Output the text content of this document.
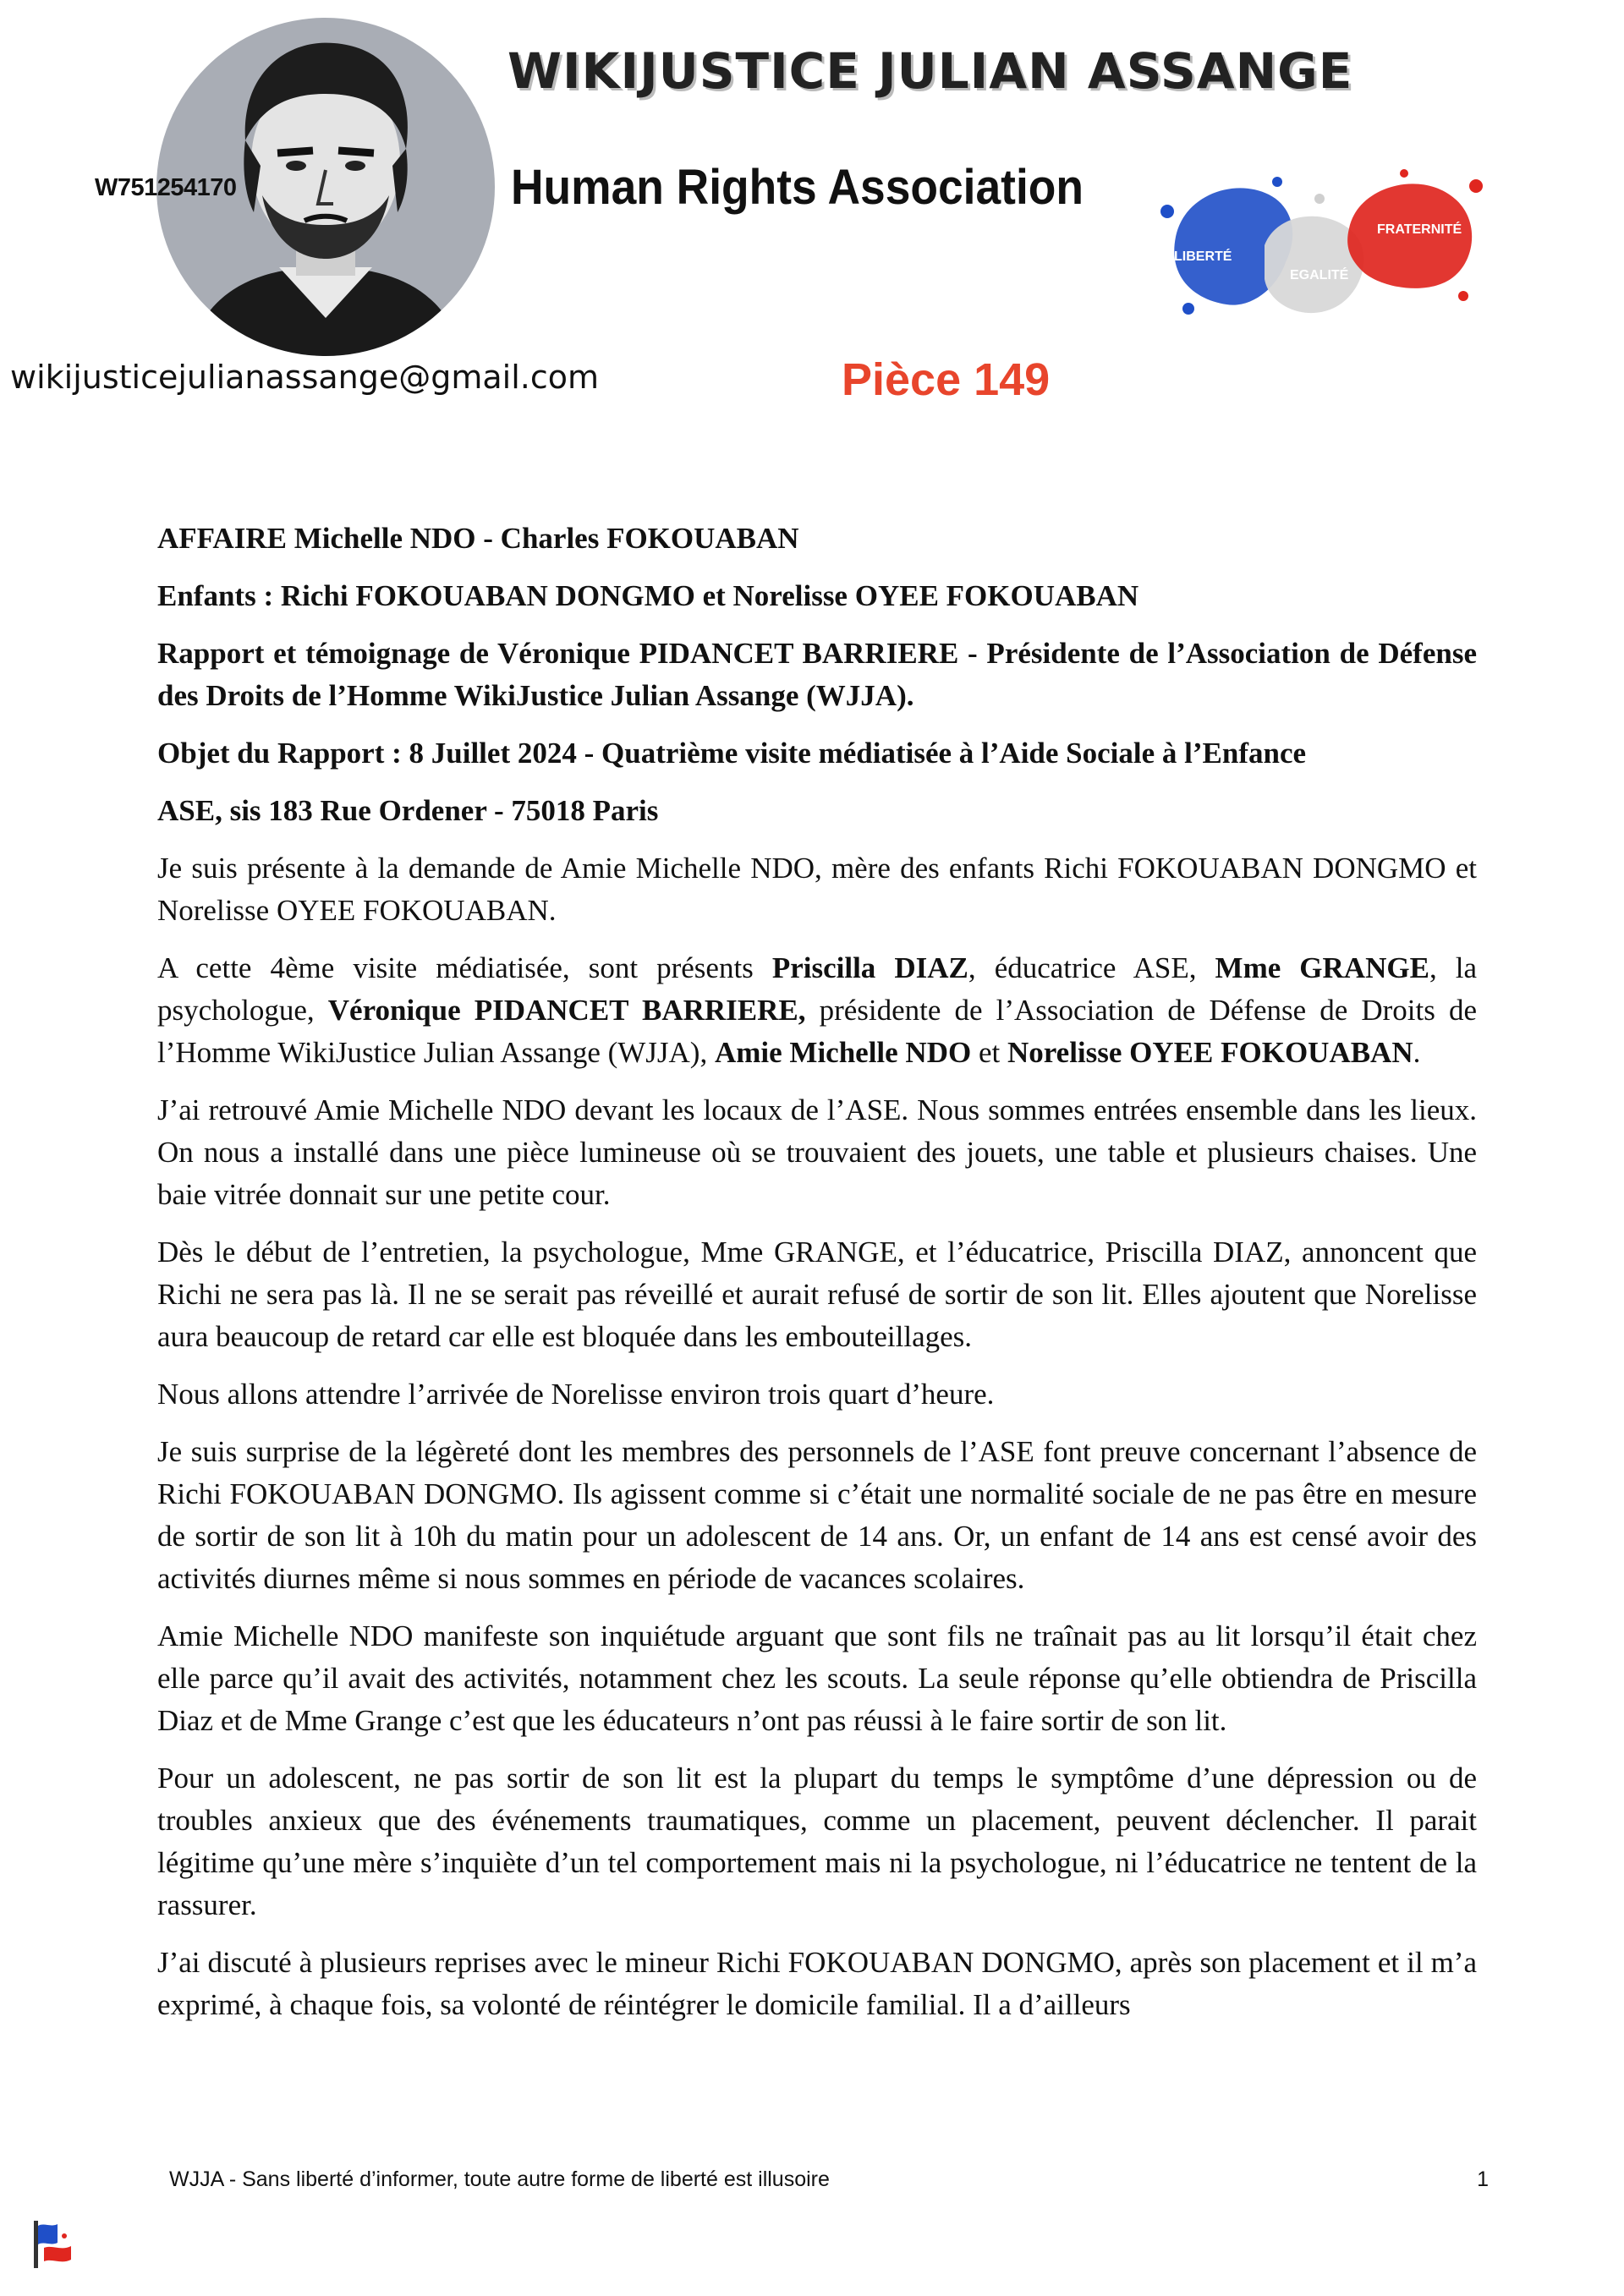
W751254170
WIKIJUSTICE JULIAN ASSANGE
Human Rights Association
LIBERTÉ
EGALITÉ
FRATERNITÉ
wikijusticejulianassange@gmail.com	Pièce 149

AFFAIRE Michelle NDO - Charles FOKOUABAN

Enfants : Richi FOKOUABAN DONGMO et Norelisse OYEE FOKOUABAN

Rapport et témoignage de Véronique PIDANCET BARRIERE - Présidente de l’Association de Défense des Droits de l’Homme WikiJustice Julian Assange (WJJA).

Objet du Rapport : 8 Juillet 2024 - Quatrième visite médiatisée à l’Aide Sociale à l’Enfance

ASE, sis 183 Rue Ordener - 75018 Paris

Je suis présente à la demande de Amie Michelle NDO, mère des enfants Richi FOKOUABAN DONGMO et Norelisse OYEE FOKOUABAN.

A cette 4ème visite médiatisée, sont présents Priscilla DIAZ, éducatrice ASE, Mme GRANGE, la psychologue, Véronique PIDANCET BARRIERE, présidente de l’Association de Défense de Droits de l’Homme WikiJustice Julian Assange (WJJA), Amie Michelle NDO et Norelisse OYEE FOKOUABAN.

J’ai retrouvé Amie Michelle NDO devant les locaux de l’ASE. Nous sommes entrées ensemble dans les lieux. On nous a installé dans une pièce lumineuse où se trouvaient des jouets, une table et plusieurs chaises. Une baie vitrée donnait sur une petite cour.

Dès le début de l’entretien, la psychologue, Mme GRANGE, et l’éducatrice, Priscilla DIAZ, annoncent que Richi ne sera pas là. Il ne se serait pas réveillé et aurait refusé de sortir de son lit. Elles ajoutent que Norelisse aura beaucoup de retard car elle est bloquée dans les embouteillages.

Nous allons attendre l’arrivée de Norelisse environ trois quart d’heure.

Je suis surprise de la légèreté dont les membres des personnels de l’ASE font preuve concernant l’absence de Richi FOKOUABAN DONGMO. Ils agissent comme si c’était une normalité sociale de ne pas être en mesure de sortir de son lit à 10h du matin pour un adolescent de 14 ans. Or, un enfant de 14 ans est censé avoir des activités diurnes même si nous sommes en période de vacances scolaires.

Amie Michelle NDO manifeste son inquiétude arguant que sont fils ne traînait pas au lit lorsqu’il était chez elle parce qu’il avait des activités, notamment chez les scouts. La seule réponse qu’elle obtiendra de Priscilla Diaz et de Mme Grange c’est que les éducateurs n’ont pas réussi à le faire sortir de son lit.

Pour un adolescent, ne pas sortir de son lit est la plupart du temps le symptôme d’une dépression ou de troubles anxieux que des événements traumatiques, comme un placement, peuvent déclencher. Il parait légitime qu’une mère s’inquiète d’un tel comportement mais ni la psychologue, ni l’éducatrice ne tentent de la rassurer.

J’ai discuté à plusieurs reprises avec le mineur Richi FOKOUABAN DONGMO, après son placement et il m’a exprimé, à chaque fois, sa volonté de réintégrer le domicile familial. Il a d’ailleurs

WJJA - Sans liberté d’informer, toute autre forme de liberté est illusoire	1
